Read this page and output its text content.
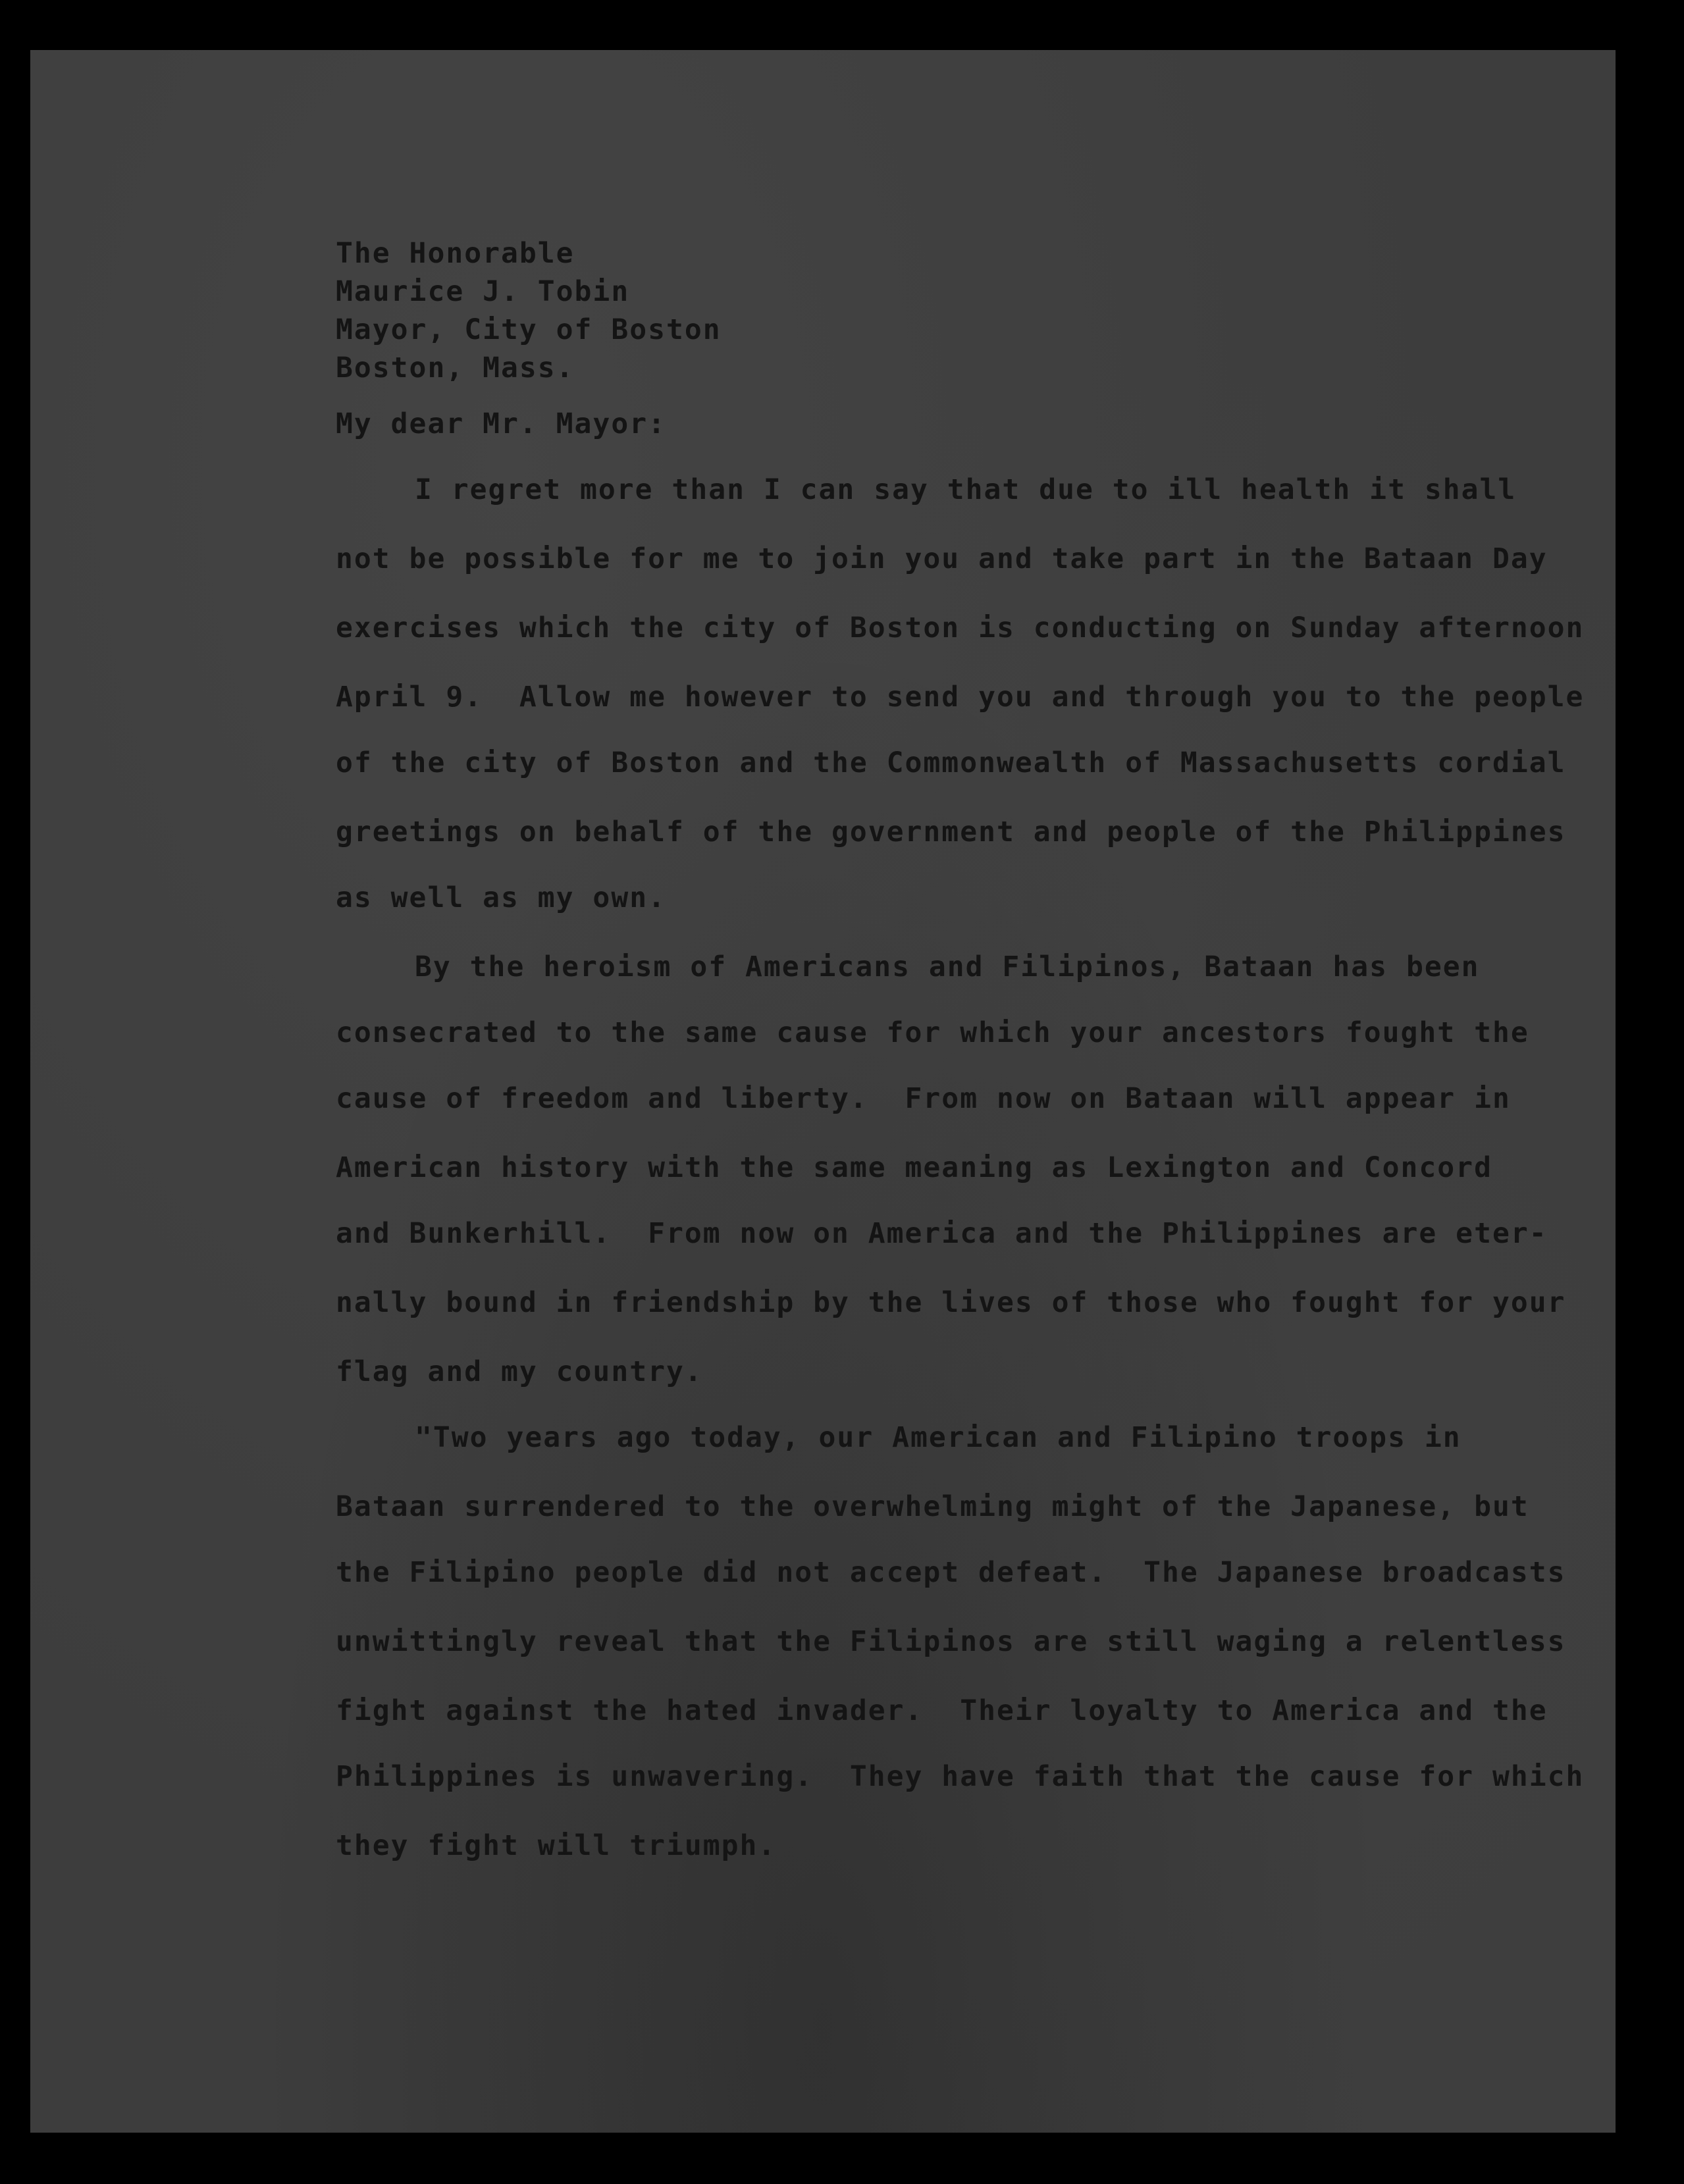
The Honorable
Maurice J. Tobin
Mayor, City of Boston
Boston, Mass.
My dear Mr. Mayor:
I regret more than I can say that due to ill health it shall
not be possible for me to join you and take part in the Bataan Day
exercises which the city of Boston is conducting on Sunday afternoon
April 9.  Allow me however to send you and through you to the people
of the city of Boston and the Commonwealth of Massachusetts cordial
greetings on behalf of the government and people of the Philippines
as well as my own.
By the heroism of Americans and Filipinos, Bataan has been
consecrated to the same cause for which your ancestors fought the
cause of freedom and liberty.  From now on Bataan will appear in
American history with the same meaning as Lexington and Concord
and Bunkerhill.  From now on America and the Philippines are eter-
nally bound in friendship by the lives of those who fought for your
flag and my country.
"Two years ago today, our American and Filipino troops in
Bataan surrendered to the overwhelming might of the Japanese, but
the Filipino people did not accept defeat.  The Japanese broadcasts
unwittingly reveal that the Filipinos are still waging a relentless
fight against the hated invader.  Their loyalty to America and the
Philippines is unwavering.  They have faith that the cause for which
they fight will triumph.
